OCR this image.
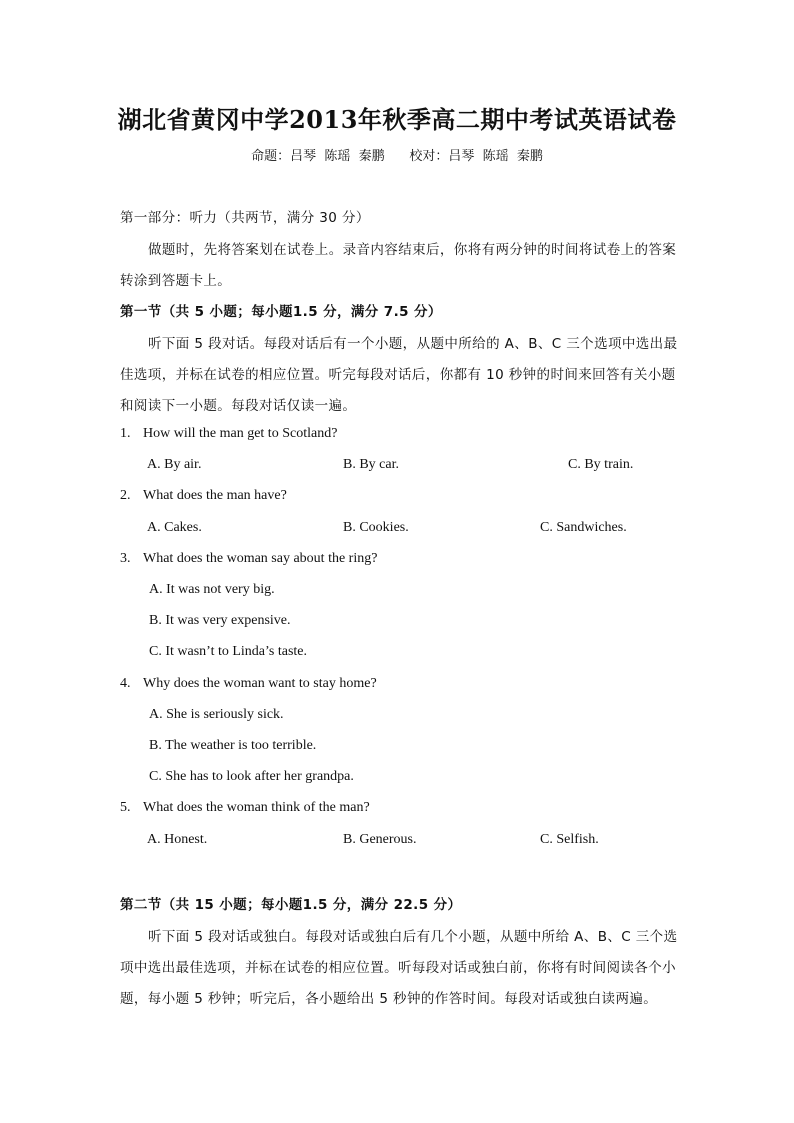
湖北省黄冈中学2013年秋季高二期中考试英语试卷
命题：吕琴  陈瑶  秦鹏 校对：吕琴  陈瑶  秦鹏
第一部分：听力（共两节，满分 30 分）
做题时，先将答案划在试卷上。录音内容结束后，你将有两分钟的时间将试卷上的答案
转涂到答题卡上。
第一节（共 5 小题；每小题1.5 分，满分 7.5 分）
听下面 5 段对话。每段对话后有一个小题，从题中所给的 A、B、C 三个选项中选出最
佳选项，并标在试卷的相应位置。听完每段对话后，你都有 10 秒钟的时间来回答有关小题
和阅读下一小题。每段对话仅读一遍。
1. How will the man get to Scotland?
A. By air.	B. By car.	C. By train.
2. What does the man have?
A. Cakes.	B. Cookies.	C. Sandwiches.
3. What does the woman say about the ring?
A. It was not very big.
B. It was very expensive.
C. It wasn’t to Linda’s taste.
4. Why does the woman want to stay home?
A. She is seriously sick.
B. The weather is too terrible.
C. She has to look after her grandpa.
5. What does the woman think of the man?
A. Honest.	B. Generous.	C. Selfish.
第二节（共 15 小题；每小题1.5 分，满分 22.5 分）
听下面 5 段对话或独白。每段对话或独白后有几个小题，从题中所给 A、B、C 三个选
项中选出最佳选项，并标在试卷的相应位置。听每段对话或独白前，你将有时间阅读各个小
题，每小题 5 秒钟；听完后，各小题给出 5 秒钟的作答时间。每段对话或独白读两遍。
